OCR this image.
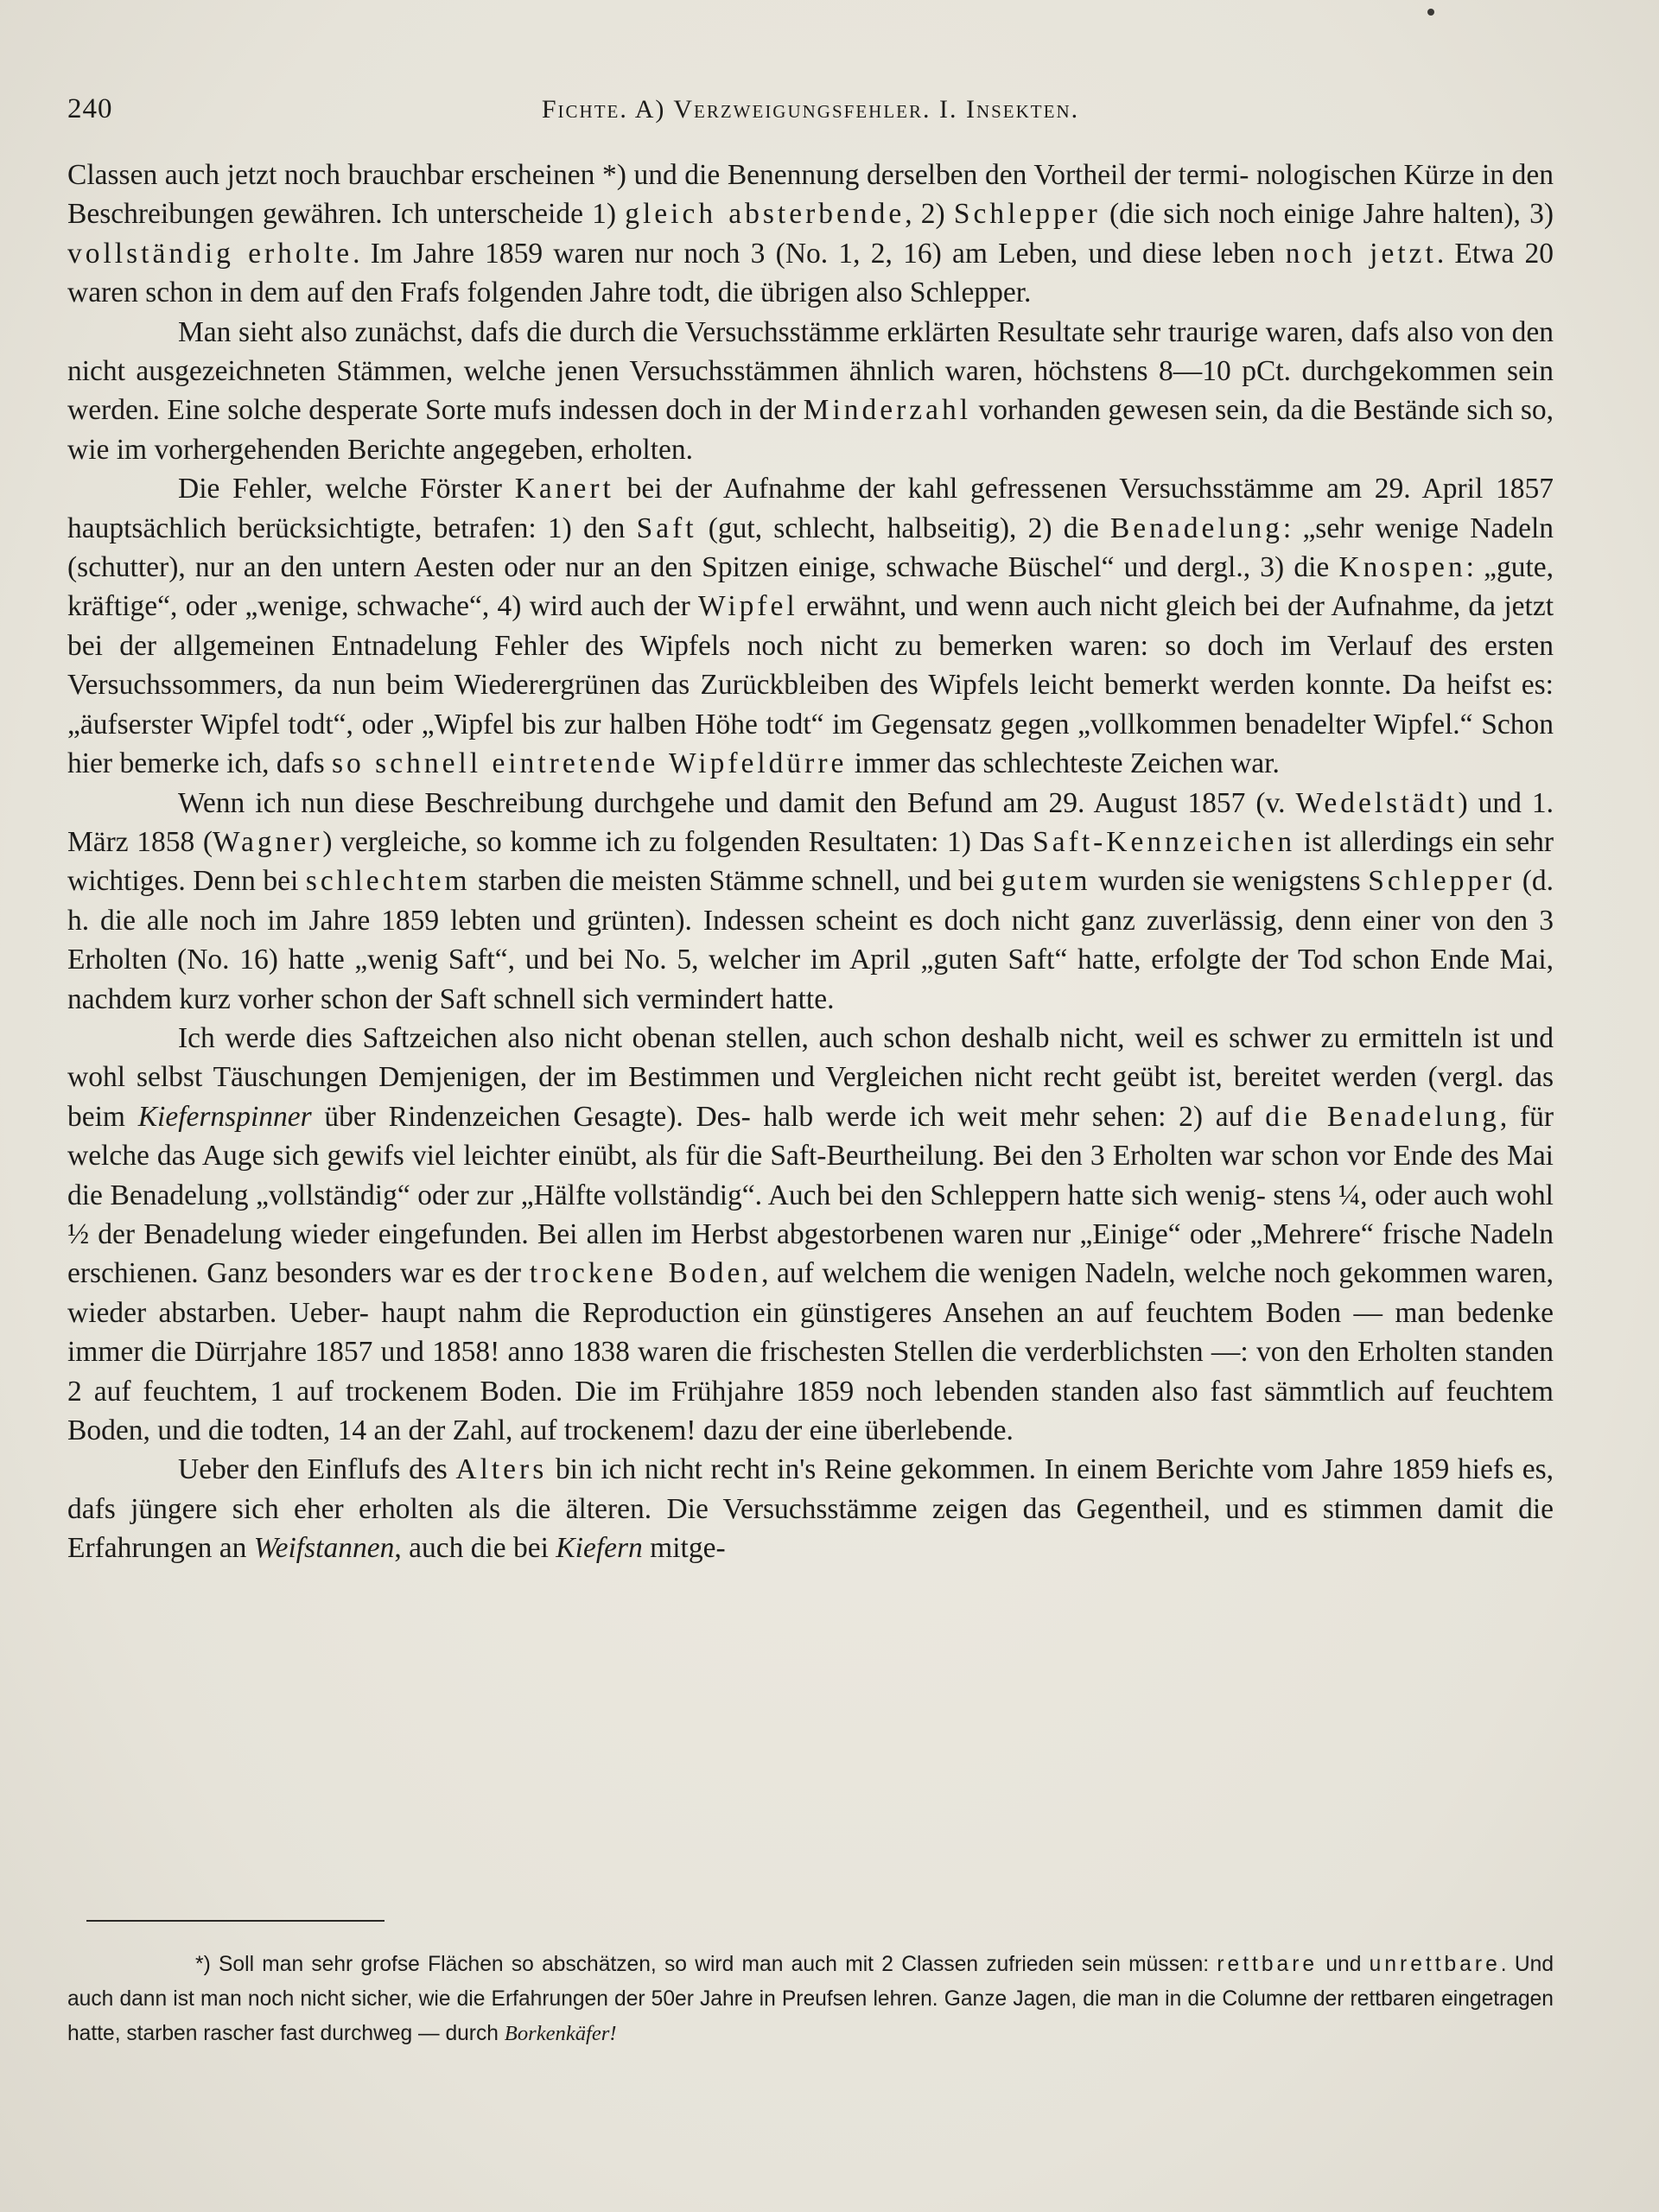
240	Fichte. A) Verzweigungsfehler. I. Insekten.

Classen auch jetzt noch brauchbar erscheinen *) und die Benennung derselben den Vortheil der termi- nologischen Kürze in den Beschreibungen gewähren. Ich unterscheide 1) gleich absterbende, 2) Schlepper (die sich noch einige Jahre halten), 3) vollständig erholte. Im Jahre 1859 waren nur noch 3 (No. 1, 2, 16) am Leben, und diese leben noch jetzt. Etwa 20 waren schon in dem auf den Frafs folgenden Jahre todt, die übrigen also Schlepper.

Man sieht also zunächst, dafs die durch die Versuchsstämme erklärten Resultate sehr traurige waren, dafs also von den nicht ausgezeichneten Stämmen, welche jenen Versuchsstämmen ähnlich waren, höchstens 8—10 pCt. durchgekommen sein werden. Eine solche desperate Sorte mufs indessen doch in der Minderzahl vorhanden gewesen sein, da die Bestände sich so, wie im vorhergehenden Berichte angegeben, erholten.

Die Fehler, welche Förster Kanert bei der Aufnahme der kahl gefressenen Versuchsstämme am 29. April 1857 hauptsächlich berücksichtigte, betrafen: 1) den Saft (gut, schlecht, halbseitig), 2) die Benadelung: „sehr wenige Nadeln (schutter), nur an den untern Aesten oder nur an den Spitzen einige, schwache Büschel“ und dergl., 3) die Knospen: „gute, kräftige“, oder „wenige, schwache“, 4) wird auch der Wipfel erwähnt, und wenn auch nicht gleich bei der Aufnahme, da jetzt bei der allgemeinen Entnadelung Fehler des Wipfels noch nicht zu bemerken waren: so doch im Verlauf des ersten Versuchssommers, da nun beim Wiederergrünen das Zurückbleiben des Wipfels leicht bemerkt werden konnte. Da heifst es: „äufserster Wipfel todt“, oder „Wipfel bis zur halben Höhe todt“ im Gegensatz gegen „vollkommen benadelter Wipfel.“ Schon hier bemerke ich, dafs so schnell eintretende Wipfeldürre immer das schlechteste Zeichen war.

Wenn ich nun diese Beschreibung durchgehe und damit den Befund am 29. August 1857 (v. Wedelstädt) und 1. März 1858 (Wagner) vergleiche, so komme ich zu folgenden Resultaten: 1) Das Saft-Kennzeichen ist allerdings ein sehr wichtiges. Denn bei schlechtem starben die meisten Stämme schnell, und bei gutem wurden sie wenigstens Schlepper (d. h. die alle noch im Jahre 1859 lebten und grünten). Indessen scheint es doch nicht ganz zuverlässig, denn einer von den 3 Erholten (No. 16) hatte „wenig Saft“, und bei No. 5, welcher im April „guten Saft“ hatte, erfolgte der Tod schon Ende Mai, nachdem kurz vorher schon der Saft schnell sich vermindert hatte.

Ich werde dies Saftzeichen also nicht obenan stellen, auch schon deshalb nicht, weil es schwer zu ermitteln ist und wohl selbst Täuschungen Demjenigen, der im Bestimmen und Vergleichen nicht recht geübt ist, bereitet werden (vergl. das beim Kiefernspinner über Rindenzeichen Gesagte). Des- halb werde ich weit mehr sehen: 2) auf die Benadelung, für welche das Auge sich gewifs viel leichter einübt, als für die Saft-Beurtheilung. Bei den 3 Erholten war schon vor Ende des Mai die Benadelung „vollständig“ oder zur „Hälfte vollständig“. Auch bei den Schleppern hatte sich wenig- stens ¼, oder auch wohl ½ der Benadelung wieder eingefunden. Bei allen im Herbst abgestorbenen waren nur „Einige“ oder „Mehrere“ frische Nadeln erschienen. Ganz besonders war es der trockene Boden, auf welchem die wenigen Nadeln, welche noch gekommen waren, wieder abstarben. Ueber- haupt nahm die Reproduction ein günstigeres Ansehen an auf feuchtem Boden — man bedenke immer die Dürrjahre 1857 und 1858! anno 1838 waren die frischesten Stellen die verderblichsten —: von den Erholten standen 2 auf feuchtem, 1 auf trockenem Boden. Die im Frühjahre 1859 noch lebenden standen also fast sämmtlich auf feuchtem Boden, und die todten, 14 an der Zahl, auf trockenem! dazu der eine überlebende.

Ueber den Einflufs des Alters bin ich nicht recht in's Reine gekommen. In einem Berichte vom Jahre 1859 hiefs es, dafs jüngere sich eher erholten als die älteren. Die Versuchsstämme zeigen das Gegentheil, und es stimmen damit die Erfahrungen an Weifstannen, auch die bei Kiefern mitge-

*) Soll man sehr grofse Flächen so abschätzen, so wird man auch mit 2 Classen zufrieden sein müssen: rettbare und unrettbare. Und auch dann ist man noch nicht sicher, wie die Erfahrungen der 50er Jahre in Preufsen lehren. Ganze Jagen, die man in die Columne der rettbaren eingetragen hatte, starben rascher fast durchweg — durch Borkenkäfer!
